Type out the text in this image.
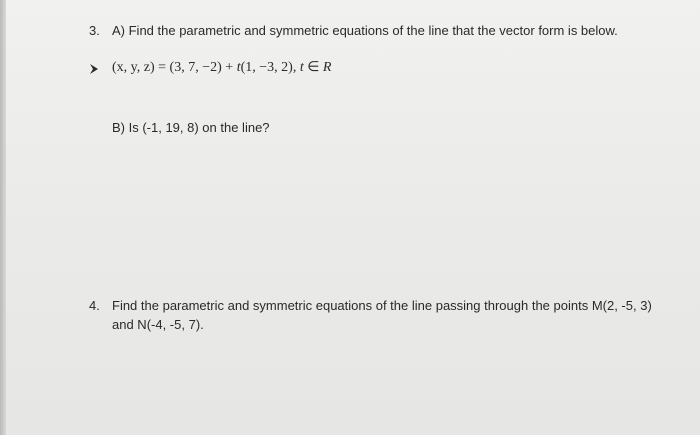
3. A) Find the parametric and symmetric equations of the line that the vector form is below.
(x, y, z) = (3, 7, −2) + t(1, −3, 2), t ∈ R
B) Is (-1, 19, 8) on the line?
4. Find the parametric and symmetric equations of the line passing through the points M(2, -5, 3)
and N(-4, -5, 7).
